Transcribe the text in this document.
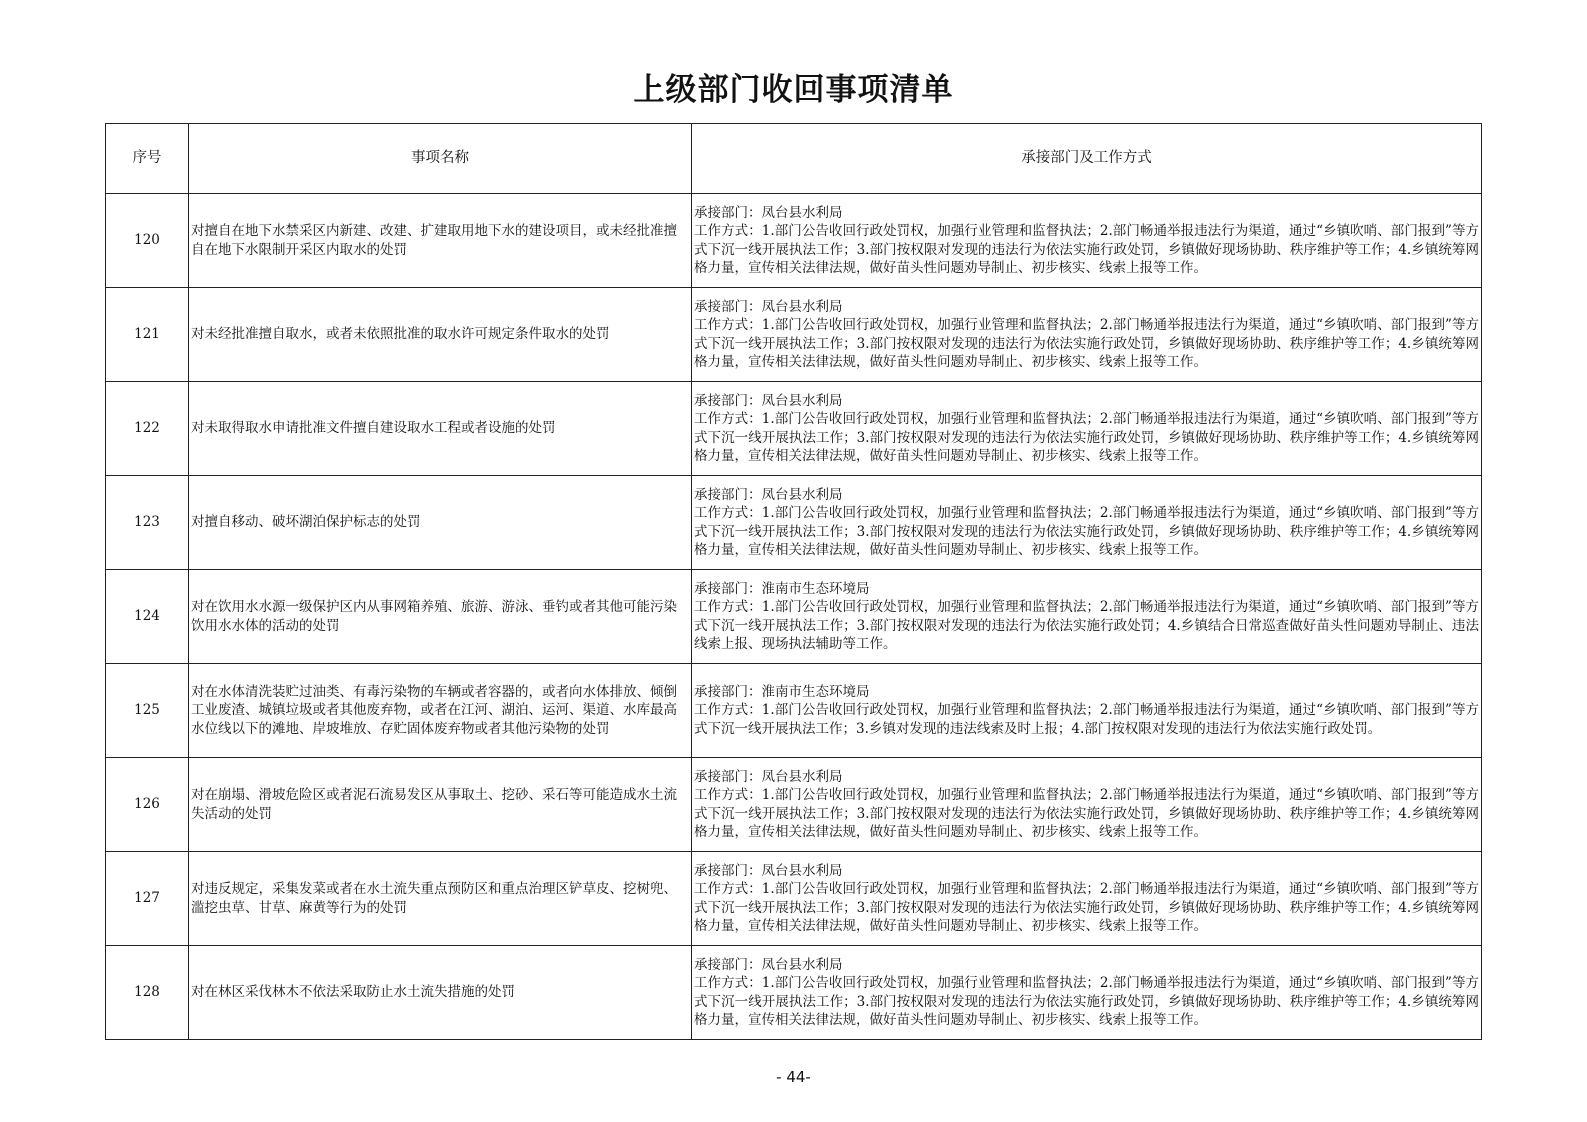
上级部门收回事项清单
序号	事项名称	承接部门及工作方式
120	对擅自在地下水禁采区内新建、改建、扩建取用地下水的建设项目，或未经批准擅自在地下水限制开采区内取水的处罚	承接部门：凤台县水利局
工作方式：1.部门公告收回行政处罚权，加强行业管理和监督执法；2.部门畅通举报违法行为渠道，通过“乡镇吹哨、部门报到”等方式下沉一线开展执法工作；3.部门按权限对发现的违法行为依法实施行政处罚，乡镇做好现场协助、秩序维护等工作；4.乡镇统筹网格力量，宣传相关法律法规，做好苗头性问题劝导制止、初步核实、线索上报等工作。

121	对未经批准擅自取水，或者未依照批准的取水许可规定条件取水的处罚	承接部门：凤台县水利局
工作方式：1.部门公告收回行政处罚权，加强行业管理和监督执法；2.部门畅通举报违法行为渠道，通过“乡镇吹哨、部门报到”等方式下沉一线开展执法工作；3.部门按权限对发现的违法行为依法实施行政处罚，乡镇做好现场协助、秩序维护等工作；4.乡镇统筹网格力量，宣传相关法律法规，做好苗头性问题劝导制止、初步核实、线索上报等工作。

122	对未取得取水申请批准文件擅自建设取水工程或者设施的处罚	承接部门：凤台县水利局
工作方式：1.部门公告收回行政处罚权，加强行业管理和监督执法；2.部门畅通举报违法行为渠道，通过“乡镇吹哨、部门报到”等方式下沉一线开展执法工作；3.部门按权限对发现的违法行为依法实施行政处罚，乡镇做好现场协助、秩序维护等工作；4.乡镇统筹网格力量，宣传相关法律法规，做好苗头性问题劝导制止、初步核实、线索上报等工作。

123	对擅自移动、破坏湖泊保护标志的处罚	承接部门：凤台县水利局
工作方式：1.部门公告收回行政处罚权，加强行业管理和监督执法；2.部门畅通举报违法行为渠道，通过“乡镇吹哨、部门报到”等方式下沉一线开展执法工作；3.部门按权限对发现的违法行为依法实施行政处罚，乡镇做好现场协助、秩序维护等工作；4.乡镇统筹网格力量，宣传相关法律法规，做好苗头性问题劝导制止、初步核实、线索上报等工作。

124	对在饮用水水源一级保护区内从事网箱养殖、旅游、游泳、垂钓或者其他可能污染饮用水水体的活动的处罚	承接部门：淮南市生态环境局
工作方式：1.部门公告收回行政处罚权，加强行业管理和监督执法；2.部门畅通举报违法行为渠道，通过“乡镇吹哨、部门报到”等方式下沉一线开展执法工作；3.部门按权限对发现的违法行为依法实施行政处罚；4.乡镇结合日常巡查做好苗头性问题劝导制止、违法线索上报、现场执法辅助等工作。

125	对在水体清洗装贮过油类、有毒污染物的车辆或者容器的，或者向水体排放、倾倒工业废渣、城镇垃圾或者其他废弃物，或者在江河、湖泊、运河、渠道、水库最高水位线以下的滩地、岸坡堆放、存贮固体废弃物或者其他污染物的处罚	承接部门：淮南市生态环境局
工作方式：1.部门公告收回行政处罚权，加强行业管理和监督执法；2.部门畅通举报违法行为渠道，通过“乡镇吹哨、部门报到”等方式下沉一线开展执法工作；3.乡镇对发现的违法线索及时上报；4.部门按权限对发现的违法行为依法实施行政处罚。

126	对在崩塌、滑坡危险区或者泥石流易发区从事取土、挖砂、采石等可能造成水土流失活动的处罚	承接部门：凤台县水利局
工作方式：1.部门公告收回行政处罚权，加强行业管理和监督执法；2.部门畅通举报违法行为渠道，通过“乡镇吹哨、部门报到”等方式下沉一线开展执法工作；3.部门按权限对发现的违法行为依法实施行政处罚，乡镇做好现场协助、秩序维护等工作；4.乡镇统筹网格力量，宣传相关法律法规，做好苗头性问题劝导制止、初步核实、线索上报等工作。

127	对违反规定，采集发菜或者在水土流失重点预防区和重点治理区铲草皮、挖树兜、滥挖虫草、甘草、麻黄等行为的处罚	承接部门：凤台县水利局
工作方式：1.部门公告收回行政处罚权，加强行业管理和监督执法；2.部门畅通举报违法行为渠道，通过“乡镇吹哨、部门报到”等方式下沉一线开展执法工作；3.部门按权限对发现的违法行为依法实施行政处罚，乡镇做好现场协助、秩序维护等工作；4.乡镇统筹网格力量，宣传相关法律法规，做好苗头性问题劝导制止、初步核实、线索上报等工作。

128	对在林区采伐林木不依法采取防止水土流失措施的处罚	承接部门：凤台县水利局
工作方式：1.部门公告收回行政处罚权，加强行业管理和监督执法；2.部门畅通举报违法行为渠道，通过“乡镇吹哨、部门报到”等方式下沉一线开展执法工作；3.部门按权限对发现的违法行为依法实施行政处罚，乡镇做好现场协助、秩序维护等工作；4.乡镇统筹网格力量，宣传相关法律法规，做好苗头性问题劝导制止、初步核实、线索上报等工作。
- 44-
